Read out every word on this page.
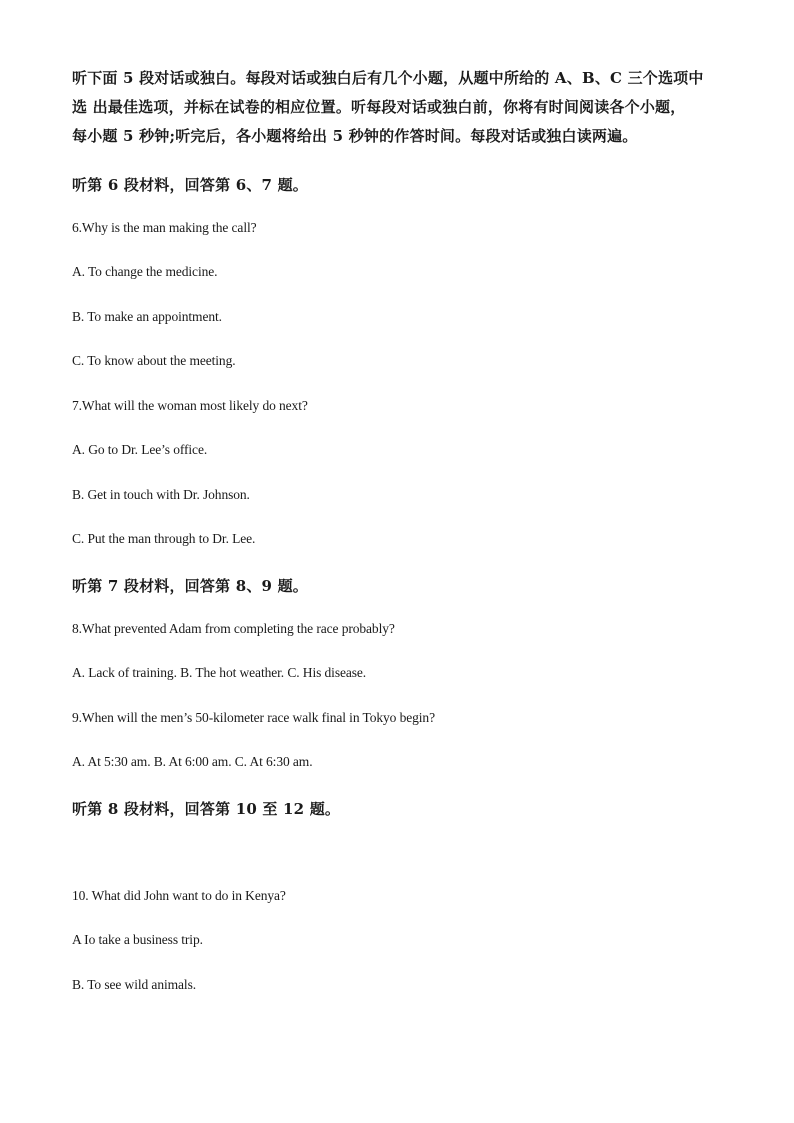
听下面 5 段对话或独白。每段对话或独白后有几个小题，从题中所给的 A、B、C 三个选项中
选 出最佳选项，并标在试卷的相应位置。听每段对话或独白前，你将有时间阅读各个小题，
每小题 5 秒钟;听完后，各小题将给出 5 秒钟的作答时间。每段对话或独白读两遍。
听第 6 段材料，回答第 6、7 题。
6.Why is the man making the call?
A. To change the medicine.
B. To make an appointment.
C. To know about the meeting.
7.What will the woman most likely do next?
A. Go to Dr. Lee’s office.
B. Get in touch with Dr. Johnson.
C. Put the man through to Dr. Lee.
听第 7 段材料，回答第 8、9 题。
8.What prevented Adam from completing the race probably?
A. Lack of training. B. The hot weather. C. His disease.
9.When will the men’s 50-kilometer race walk final in Tokyo begin?
A. At 5:30 am. B. At 6:00 am. C. At 6:30 am.
听第 8 段材料，回答第 10 至 12 题。
10. What did John want to do in Kenya?
A Io take a business trip.
B. To see wild animals.
